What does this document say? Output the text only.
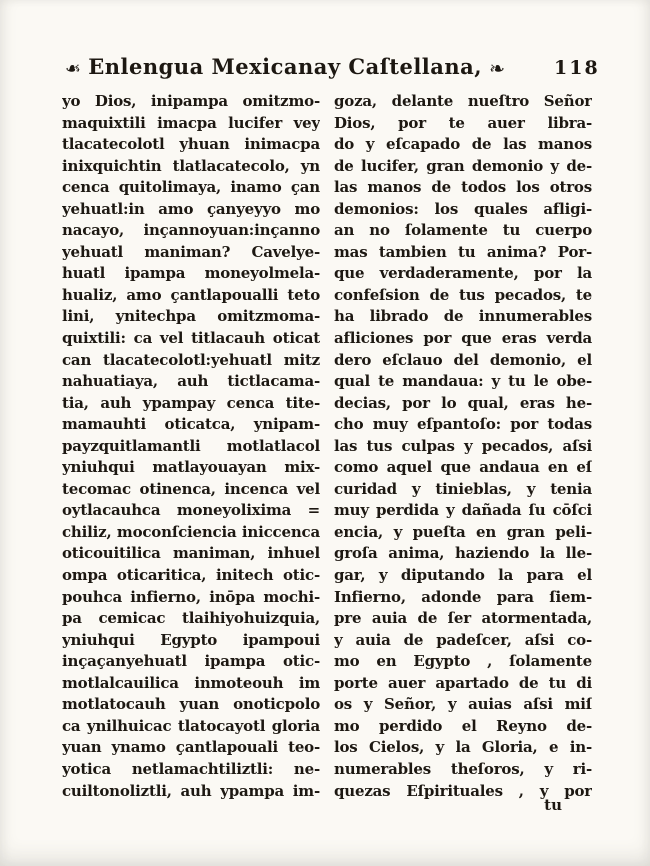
❧ Enlengua Mexicanay Caſtellana, ❧	118
yo Dios, inipampa omitzmo-
maquixtili imacpa lucifer vey
tlacatecolotl yhuan inimacpa
inixquichtin tlatlacatecolo, yn
cenca quitolimaya, inamo çan
yehuatl:in amo çanyeyyo mo
nacayo, inçannoyuan:inçanno
yehuatl maniman? Cavelye-
huatl ipampa moneyolmela-
hualiz, amo çantlapoualli teto
lini, ynitechpa omitzmoma-
quixtili: ca vel titlacauh oticat
can tlacatecolotl:yehuatl mitz
nahuatiaya, auh tictlacama-
tia, auh ypampay cenca tite-
mamauhti oticatca, ynipam-
payzquitlamantli motlatlacol
yniuhqui matlayouayan mix-
tecomac otinenca, incenca vel
oytlacauhca moneyolixima =
chiliz, moconſciencia iniccenca
oticouitilica maniman, inhuel
ompa oticaritica, initech otic-
pouhca infierno, inōpa mochi-
pa cemicac tlaihiyohuizquia,
yniuhqui Egypto ipampoui
inçaçanyehuatl ipampa otic-
motlalcauilica inmoteouh im
motlatocauh yuan onoticpolo
ca ynilhuicac tlatocayotl gloria
yuan ynamo çantlapouali teo-
yotica netlamachtiliztli: ne-
cuiltonoliztli, auh ypampa im-
goza, delante nueſtro Señor
Dios, por te auer libra-
do y eſcapado de las manos
de lucifer, gran demonio y de-
las manos de todos los otros
demonios: los quales afligi-
an no ſolamente tu cuerpo
mas tambien tu anima? Por-
que verdaderamente, por la
confeſsion de tus pecados, te
ha librado de innumerables
afliciones por que eras verda
dero eſclauo del demonio, el
qual te mandaua: y tu le obe-
decias, por lo qual, eras he-
cho muy eſpantoſo: por todas
las tus culpas y pecados, aſsi
como aquel que andaua en eſ
curidad y tinieblas, y tenia
muy perdida y dañada ſu cōſci
encia, y pueſta en gran peli-
groſa anima, haziendo la lle-
gar, y diputando la para el
Infierno, adonde para ſiem-
pre auia de ſer atormentada,
y auia de padeſcer, aſsi co-
mo en Egypto , ſolamente
porte auer apartado de tu di
os y Señor, y auias aſsi miſ
mo perdido el Reyno de-
los Cielos, y la Gloria, e in-
numerables theſoros, y ri-
quezas Eſpirituales , y por
tu
